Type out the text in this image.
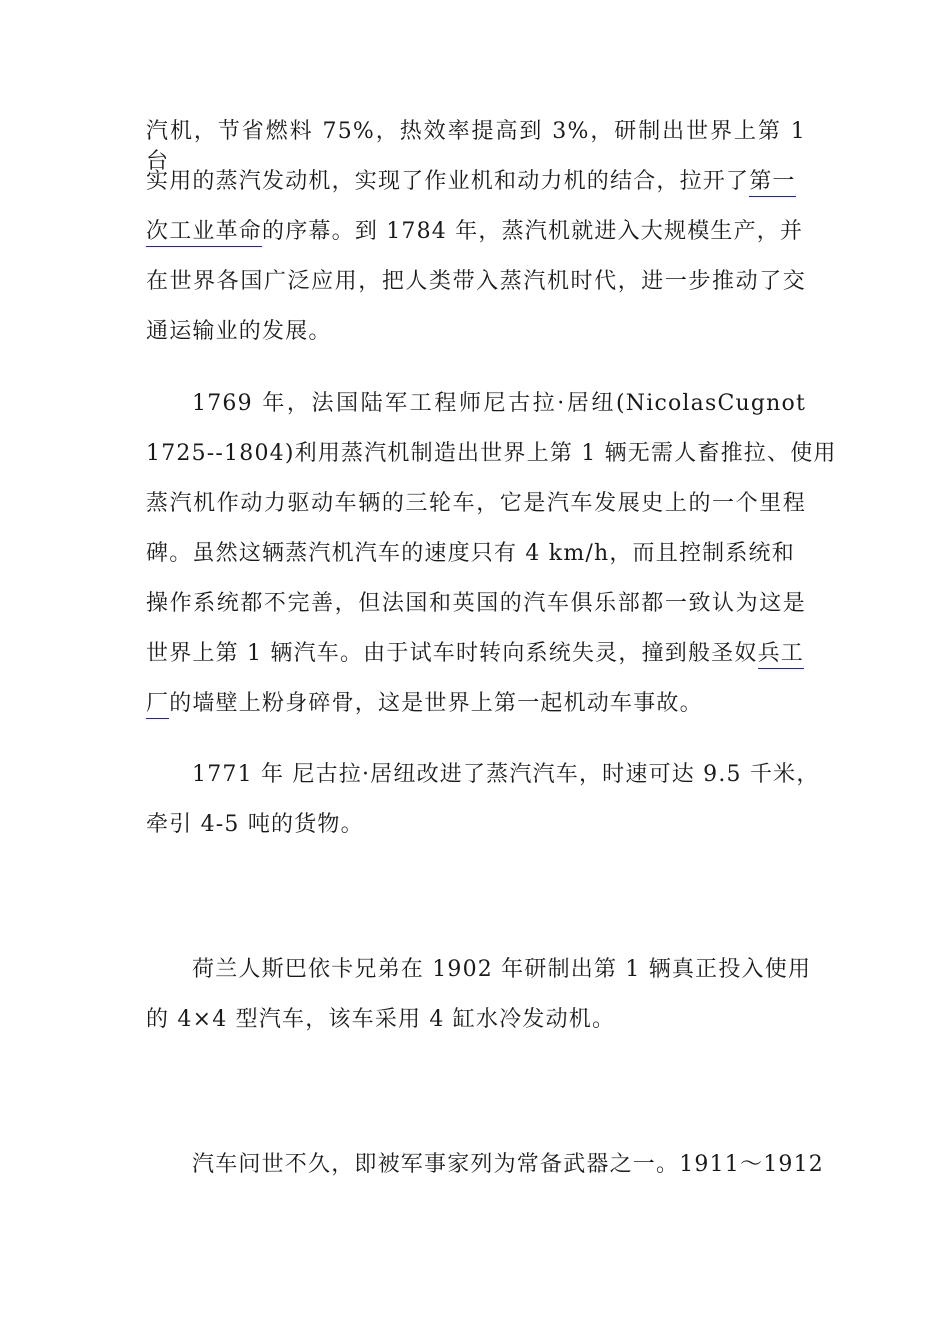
汽机，节省燃料 75%，热效率提高到 3%，研制出世界上第 1 台
实用的蒸汽发动机，实现了作业机和动力机的结合，拉开了第一
次工业革命的序幕。到 1784 年，蒸汽机就进入大规模生产，并
在世界各国广泛应用，把人类带入蒸汽机时代，进一步推动了交
通运输业的发展。
1769 年，法国陆军工程师尼古拉·居纽(NicolasCugnot
1725--1804)利用蒸汽机制造出世界上第 1 辆无需人畜推拉、使用
蒸汽机作动力驱动车辆的三轮车，它是汽车发展史上的一个里程
碑。虽然这辆蒸汽机汽车的速度只有 4 km/h，而且控制系统和
操作系统都不完善，但法国和英国的汽车俱乐部都一致认为这是
世界上第 1 辆汽车。由于试车时转向系统失灵，撞到般圣奴兵工
厂的墙壁上粉身碎骨，这是世界上第一起机动车事故。
1771 年 尼古拉·居纽改进了蒸汽汽车，时速可达 9.5 千米，
牵引 4-5 吨的货物。
荷兰人斯巴依卡兄弟在 1902 年研制出第 1 辆真正投入使用
的 4×4 型汽车，该车采用 4 缸水冷发动机。
汽车问世不久，即被军事家列为常备武器之一。1911～1912
